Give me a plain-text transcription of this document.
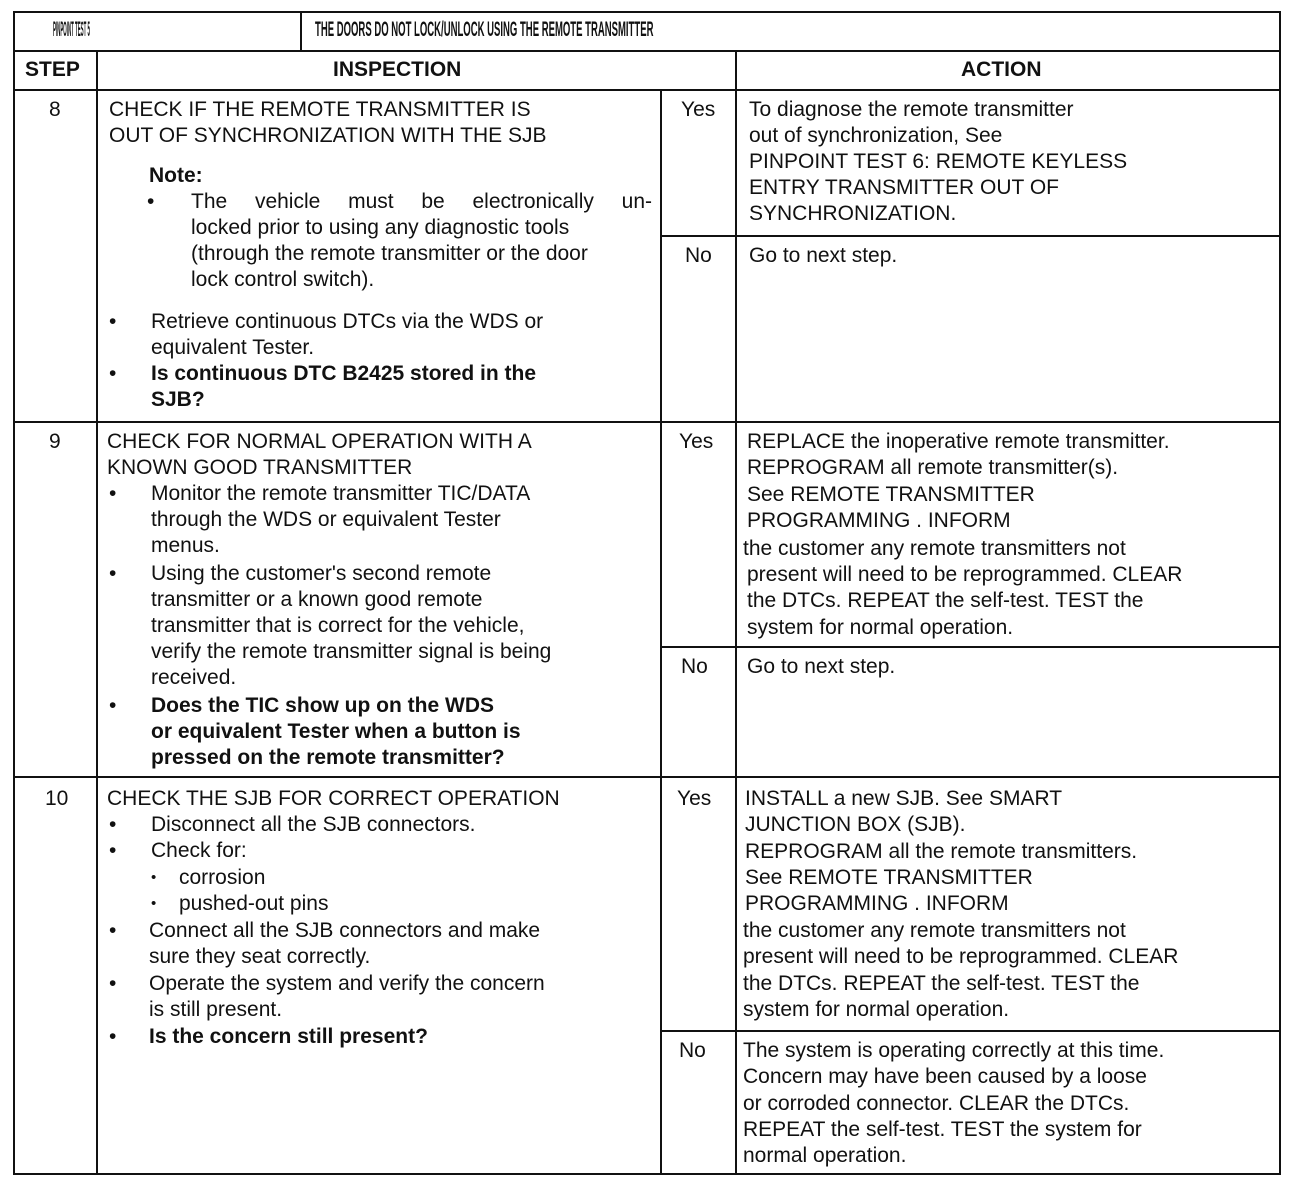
PINPOINT TEST 5	THE DOORS DO NOT LOCK/UNLOCK USING THE REMOTE TRANSMITTER
STEP	INSPECTION	ACTION
8 CHECK IF THE REMOTE TRANSMITTER IS
OUT OF SYNCHRONIZATION WITH THE SJB
Note:
• The vehicle must be electronically un-
locked prior to using any diagnostic tools
(through the remote transmitter or the door
lock control switch).
• Retrieve continuous DTCs via the WDS or
equivalent Tester.
• Is continuous DTC B2425 stored in the
SJB?
Yes To diagnose the remote transmitter
out of synchronization, See
PINPOINT TEST 6: REMOTE KEYLESS
ENTRY TRANSMITTER OUT OF
SYNCHRONIZATION.
No Go to next step.
9 CHECK FOR NORMAL OPERATION WITH A
KNOWN GOOD TRANSMITTER
• Monitor the remote transmitter TIC/DATA
through the WDS or equivalent Tester
menus.
• Using the customer's second remote
transmitter or a known good remote
transmitter that is correct for the vehicle,
verify the remote transmitter signal is being
received.
• Does the TIC show up on the WDS
or equivalent Tester when a button is
pressed on the remote transmitter?
Yes REPLACE the inoperative remote transmitter.
REPROGRAM all remote transmitter(s).
See REMOTE TRANSMITTER
PROGRAMMING . INFORM
the customer any remote transmitters not
present will need to be reprogrammed. CLEAR
the DTCs. REPEAT the self-test. TEST the
system for normal operation.
No Go to next step.
10 CHECK THE SJB FOR CORRECT OPERATION
• Disconnect all the SJB connectors.
• Check for:
• corrosion
• pushed-out pins
• Connect all the SJB connectors and make
sure they seat correctly.
• Operate the system and verify the concern
is still present.
• Is the concern still present?
Yes INSTALL a new SJB. See SMART
JUNCTION BOX (SJB).
REPROGRAM all the remote transmitters.
See REMOTE TRANSMITTER
PROGRAMMING . INFORM
the customer any remote transmitters not
present will need to be reprogrammed. CLEAR
the DTCs. REPEAT the self-test. TEST the
system for normal operation.
No The system is operating correctly at this time.
Concern may have been caused by a loose
or corroded connector. CLEAR the DTCs.
REPEAT the self-test. TEST the system for
normal operation.
